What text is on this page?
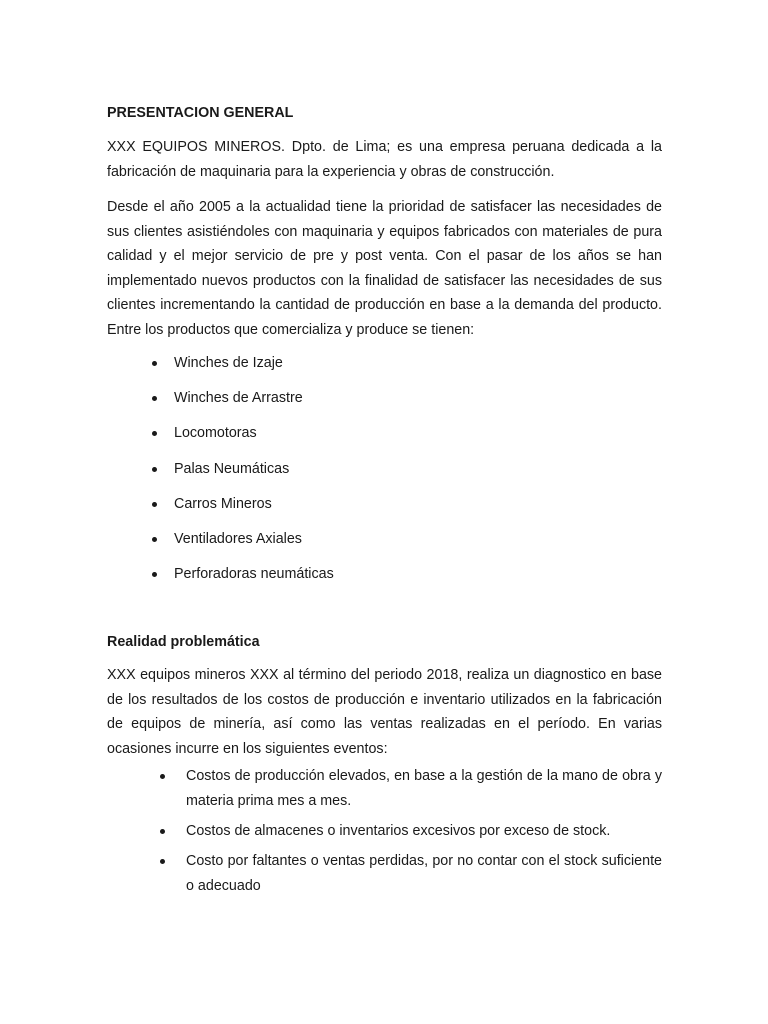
PRESENTACION GENERAL

XXX EQUIPOS MINEROS. Dpto. de Lima; es una empresa peruana dedicada a la fabricación de maquinaria para la experiencia y obras de construcción.

Desde el año 2005 a la actualidad tiene la prioridad de satisfacer las necesidades de sus clientes asistiéndoles con maquinaria y equipos fabricados con materiales de pura calidad y el mejor servicio de pre y post venta. Con el pasar de los años se han implementado nuevos productos con la finalidad de satisfacer las necesidades de sus clientes incrementando la cantidad de producción en base a la demanda del producto. Entre los productos que comercializa y produce se tienen:

Winches de Izaje
Winches de Arrastre
Locomotoras
Palas Neumáticas
Carros Mineros
Ventiladores Axiales
Perforadoras neumáticas
Realidad problemática

XXX equipos mineros XXX al término del periodo 2018, realiza un diagnostico en base de los resultados de los costos de producción e inventario utilizados en la fabricación de equipos de minería, así como las ventas realizadas en el período. En varias ocasiones incurre en los siguientes eventos:

Costos de producción elevados, en base a la gestión de la mano de obra y materia prima mes a mes.
Costos de almacenes o inventarios excesivos por exceso de stock.
Costo por faltantes o ventas perdidas, por no contar con el stock suficiente o adecuado
